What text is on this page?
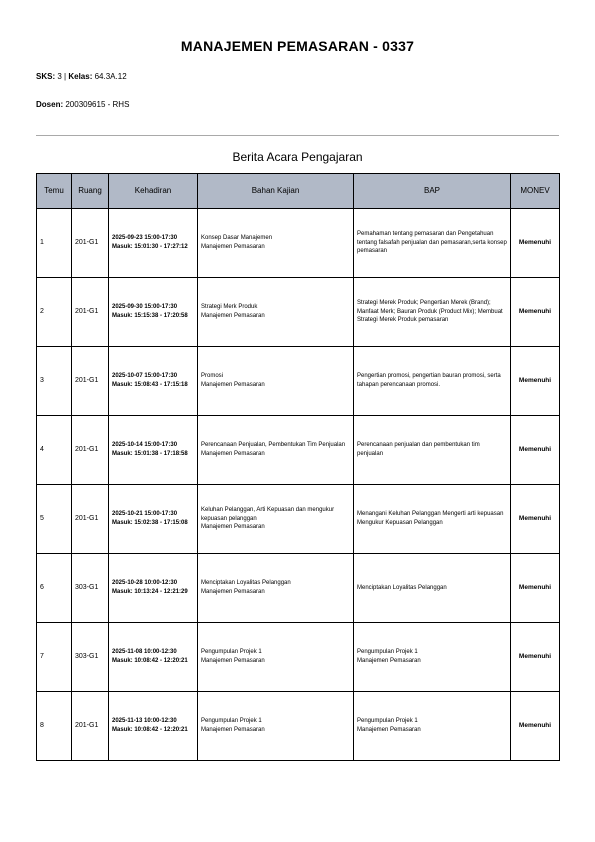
MANAJEMEN PEMASARAN - 0337
SKS: 3 | Kelas: 64.3A.12
Dosen: 200309615 - RHS
Berita Acara Pengajaran
Temu	Ruang	Kehadiran	Bahan Kajian	BAP	MONEV
1	201-G1	2025-09-23 15:00-17:30
Masuk: 15:01:30 - 17:27:12	Konsep Dasar Manajemen
Manajemen Pemasaran	Pemahaman tentang pemasaran dan Pengetahuan tentang falsafah penjualan dan pemasaran,serta konsep pemasaran	Memenuhi
2	201-G1	2025-09-30 15:00-17:30
Masuk: 15:15:38 - 17:20:58	Strategi Merk Produk
Manajemen Pemasaran	Strategi Merek Produk; Pengertian Merek (Brand); Manfaat Merk; Bauran Produk (Product Mix); Membuat Strategi Merek Produk pemasaran	Memenuhi
3	201-G1	2025-10-07 15:00-17:30
Masuk: 15:08:43 - 17:15:18	Promosi
Manajemen Pemasaran	Pengertian promosi, pengertian bauran promosi, serta tahapan perencanaan promosi.	Memenuhi
4	201-G1	2025-10-14 15:00-17:30
Masuk: 15:01:38 - 17:18:58	Perencanaan Penjualan, Pembentukan Tim Penjualan
Manajemen Pemasaran	Perencanaan penjualan dan pembentukan tim penjualan	Memenuhi
5	201-G1	2025-10-21 15:00-17:30
Masuk: 15:02:38 - 17:15:08	Keluhan Pelanggan, Arti Kepuasan dan mengukur kepuasan pelanggan
Manajemen Pemasaran	Menangani Keluhan Pelanggan Mengerti arti kepuasan Mengukur Kepuasan Pelanggan	Memenuhi
6	303-G1	2025-10-28 10:00-12:30
Masuk: 10:13:24 - 12:21:29	Menciptakan Loyalitas Pelanggan
Manajemen Pemasaran	Menciptakan Loyalitas Pelanggan	Memenuhi
7	303-G1	2025-11-08 10:00-12:30
Masuk: 10:08:42 - 12:20:21	Pengumpulan Projek 1
Manajemen Pemasaran	Pengumpulan Projek 1
Manajemen Pemasaran	Memenuhi
8	201-G1	2025-11-13 10:00-12:30
Masuk: 10:08:42 - 12:20:21	Pengumpulan Projek 1
Manajemen Pemasaran	Pengumpulan Projek 1
Manajemen Pemasaran	Memenuhi
